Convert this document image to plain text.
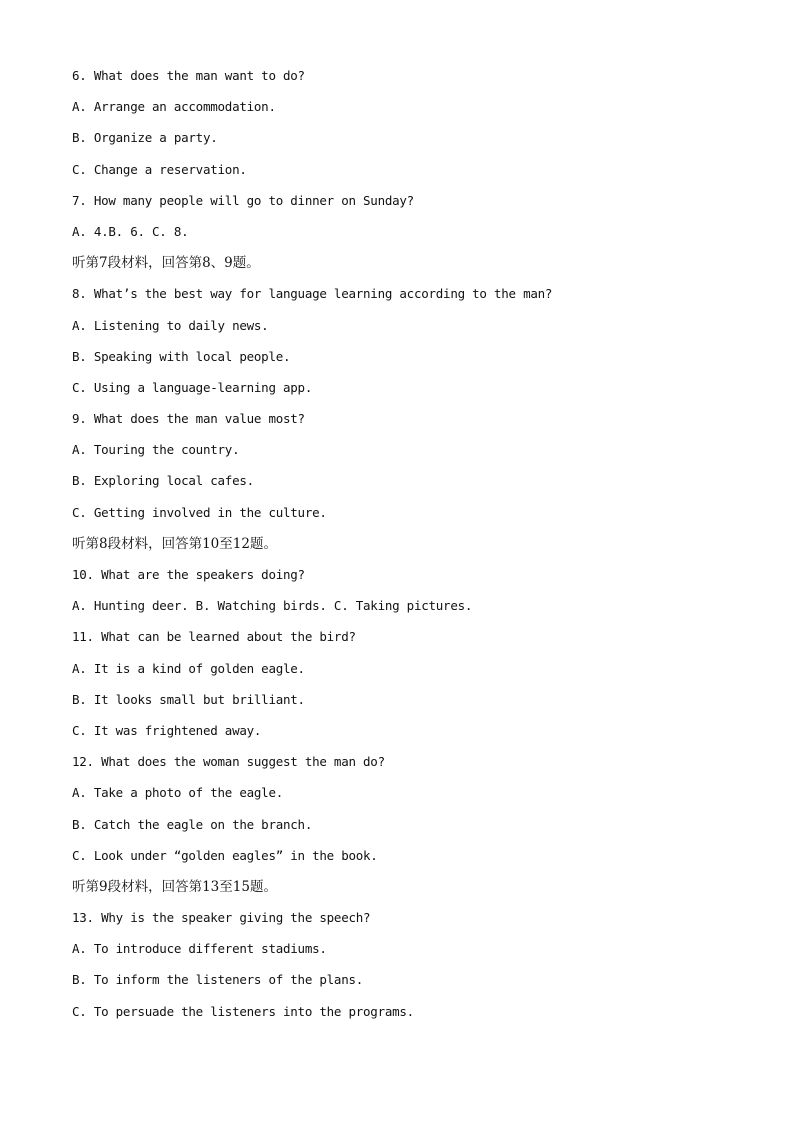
6. What does the man want to do?
A. Arrange an accommodation.
B. Organize a party.
C. Change a reservation.
7. How many people will go to dinner on Sunday?
A. 4.B. 6. C. 8.
听第7段材料，回答第8、9题。
8. What’s the best way for language learning according to the man?
A. Listening to daily news.
B. Speaking with local people.
C. Using a language-learning app.
9. What does the man value most?
A. Touring the country.
B. Exploring local cafes.
C. Getting involved in the culture.
听第8段材料，回答第10至12题。
10. What are the speakers doing?
A. Hunting deer. B. Watching birds. C. Taking pictures.
11. What can be learned about the bird?
A. It is a kind of golden eagle.
B. It looks small but brilliant.
C. It was frightened away.
12. What does the woman suggest the man do?
A. Take a photo of the eagle.
B. Catch the eagle on the branch.
C. Look under “golden eagles” in the book.
听第9段材料，回答第13至15题。
13. Why is the speaker giving the speech?
A. To introduce different stadiums.
B. To inform the listeners of the plans.
C. To persuade the listeners into the programs.
